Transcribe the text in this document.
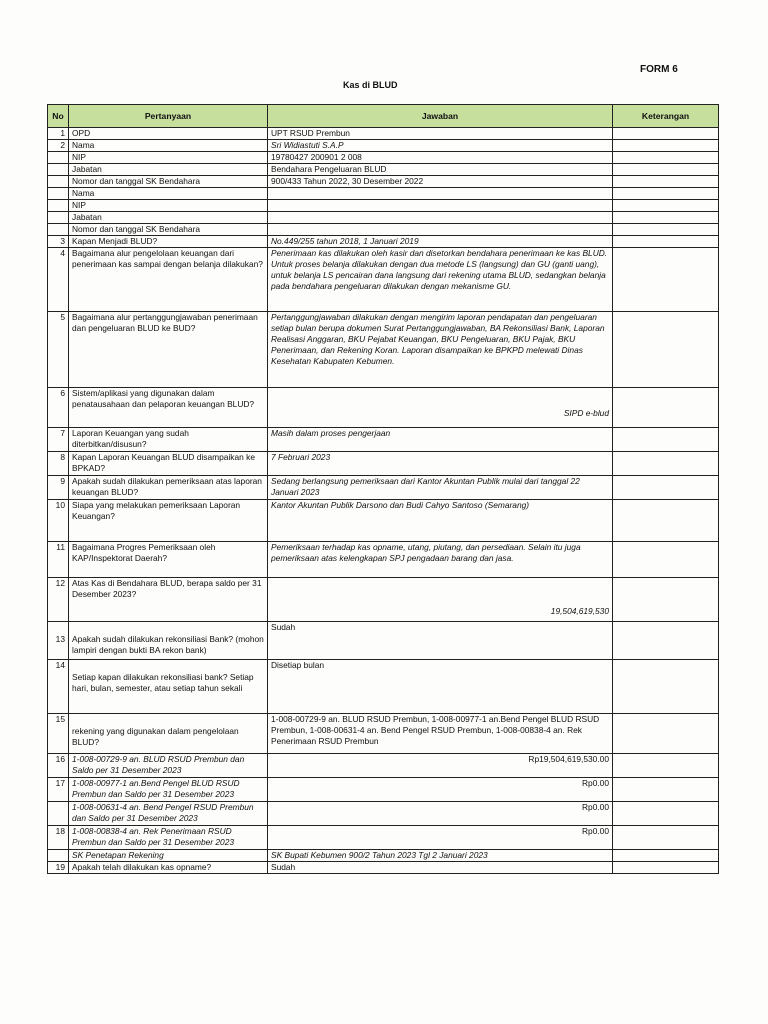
FORM 6
Kas di BLUD
No	Pertanyaan	Jawaban	Keterangan
1	OPD	UPT RSUD Prembun	
2	Nama	Sri Widiastuti S.A.P	
	NIP	19780427 200901 2 008	
	Jabatan	Bendahara Pengeluaran BLUD	
	Nomor dan tanggal SK Bendahara	900/433 Tahun 2022, 30 Desember 2022	
	Nama		
	NIP		
	Jabatan		
	Nomor dan tanggal SK Bendahara		
3	Kapan Menjadi BLUD?	No.449/255 tahun 2018, 1 Januari 2019	
4	Bagaimana alur pengelolaan keuangan dari penerimaan kas sampai dengan belanja dilakukan?	Penerimaan kas dilakukan oleh kasir dan disetorkan bendahara penerimaan ke kas BLUD. Untuk proses belanja dilakukan dengan dua metode LS (langsung) dan GU (ganti uang), untuk belanja LS pencairan dana langsung dari rekening utama BLUD, sedangkan belanja pada bendahara pengeluaran dilakukan dengan mekanisme GU.	
5	Bagaimana alur pertanggungjawaban penerimaan dan pengeluaran BLUD ke BUD?	Pertanggungjawaban dilakukan dengan mengirim laporan pendapatan dan pengeluaran setiap bulan berupa dokumen Surat Pertanggungjawaban, BA Rekonsiliasi Bank, Laporan Realisasi Anggaran, BKU Pejabat Keuangan, BKU Pengeluaran, BKU Pajak, BKU Penerimaan, dan Rekening Koran. Laporan disampaikan ke BPKPD melewati Dinas Kesehatan Kabupaten Kebumen.	
6	Sistem/aplikasi yang digunakan dalam penatausahaan dan pelaporan keuangan BLUD?	SIPD e-blud	
7	Laporan Keuangan yang sudah diterbitkan/disusun?	Masih dalam proses pengerjaan	
8	Kapan Laporan Keuangan BLUD disampaikan ke BPKAD?	7 Februari 2023	
9	Apakah sudah dilakukan pemeriksaan atas laporan keuangan BLUD?	Sedang berlangsung pemeriksaan dari Kantor Akuntan Publik mulai dari tanggal 22 Januari 2023	
10	Siapa yang melakukan pemeriksaan Laporan Keuangan?	Kantor Akuntan Publik Darsono dan Budi Cahyo Santoso (Semarang)	
11	Bagaimana Progres Pemeriksaan oleh KAP/Inspektorat Daerah?	Pemeriksaan terhadap kas opname, utang, piutang, dan persediaan. Selain itu juga pemeriksaan atas kelengkapan SPJ pengadaan barang dan jasa.	
12	Atas Kas di Bendahara BLUD, berapa saldo per 31 Desember 2023?	19,504,619,530	
13	Apakah sudah dilakukan rekonsiliasi Bank? (mohon lampiri dengan bukti BA rekon bank)	Sudah	
14	Setiap kapan dilakukan rekonsiliasi bank? Setiap hari, bulan, semester, atau setiap tahun sekali	Disetiap bulan	
15	rekening yang digunakan dalam pengelolaan BLUD?	1-008-00729-9 an. BLUD RSUD Prembun, 1-008-00977-1 an.Bend Pengel BLUD RSUD Prembun, 1-008-00631-4 an. Bend Pengel RSUD Prembun, 1-008-00838-4 an. Rek Penerimaan RSUD Prembun	
16	1-008-00729-9 an. BLUD RSUD Prembun dan Saldo per 31 Desember 2023	Rp19,504,619,530.00	
17	1-008-00977-1 an.Bend Pengel BLUD RSUD Prembun dan Saldo per 31 Desember 2023	Rp0.00	
	1-008-00631-4 an. Bend Pengel RSUD Prembun dan Saldo per 31 Desember 2023	Rp0.00	
18	1-008-00838-4 an. Rek Penerimaan RSUD Prembun dan Saldo per 31 Desember 2023	Rp0.00	
	SK Penetapan Rekening	SK Bupati Kebumen 900/2 Tahun 2023 Tgl 2 Januari 2023	
19	Apakah telah dilakukan kas opname?	Sudah	
